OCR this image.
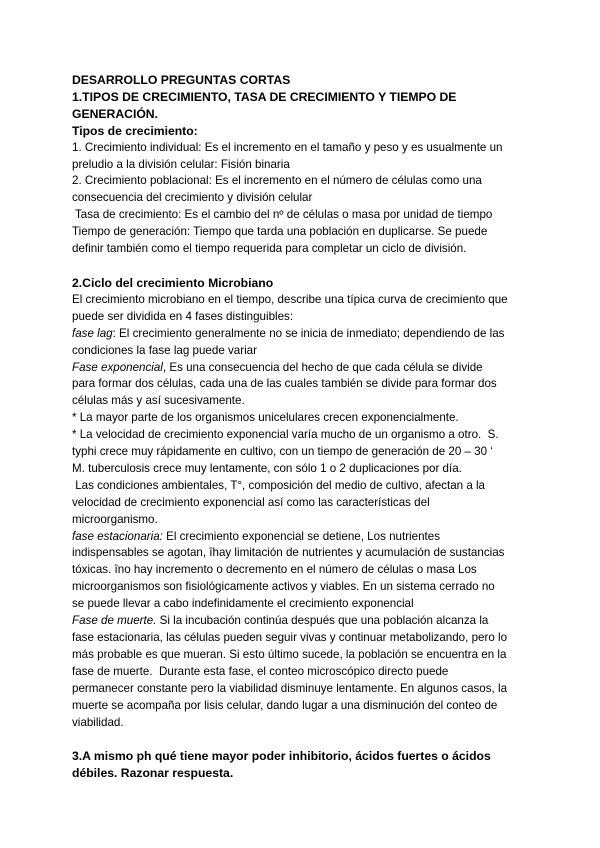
DESARROLLO PREGUNTAS CORTAS
1.TIPOS DE CRECIMIENTO, TASA DE CRECIMIENTO Y TIEMPO DE
GENERACIÓN.
Tipos de crecimiento:
1. Crecimiento individual: Es el incremento en el tamaño y peso y es usualmente un
preludio a la división celular: Fisión binaria
2. Crecimiento poblacional: Es el incremento en el número de células como una
consecuencia del crecimiento y división celular
Tasa de crecimiento: Es el cambio del nº de células o masa por unidad de tiempo
Tiempo de generación: Tiempo que tarda una población en duplicarse. Se puede
definir también como el tiempo requerida para completar un ciclo de división.
2.Ciclo del crecimiento Microbiano
El crecimiento microbiano en el tiempo, describe una típica curva de crecimiento que
puede ser dividida en 4 fases distinguibles:
fase lag: El crecimiento generalmente no se inicia de inmediato; dependiendo de las
condiciones la fase lag puede variar
Fase exponencial, Es una consecuencia del hecho de que cada célula se divide
para formar dos células, cada una de las cuales también se divide para formar dos
células más y así sucesivamente.
* La mayor parte de los organismos unicelulares crecen exponencialmente.
* La velocidad de crecimiento exponencial varía mucho de un organismo a otro.  S.
typhi crece muy rápidamente en cultivo, con un tiempo de generación de 20 – 30 ‘
M. tuberculosis crece muy lentamente, con sólo 1 o 2 duplicaciones por día.
Las condiciones ambientales, T°, composición del medio de cultivo, afectan a la
velocidad de crecimiento exponencial así como las características del
microorganismo.
fase estacionaria: El crecimiento exponencial se detiene, Los nutrientes
indispensables se agotan, îhay limitación de nutrientes y acumulación de sustancias
tóxicas. îno hay incremento o decremento en el número de células o masa Los
microorganismos son fisiológicamente activos y viables. En un sistema cerrado no
se puede llevar a cabo indefinidamente el crecimiento exponencial
Fase de muerte. Si la incubación continúa después que una población alcanza la
fase estacionaria, las células pueden seguir vivas y continuar metabolizando, pero lo
más probable es que mueran. Si esto último sucede, la población se encuentra en la
fase de muerte.  Durante esta fase, el conteo microscópico directo puede
permanecer constante pero la viabilidad disminuye lentamente. En algunos casos, la
muerte se acompaña por lisis celular, dando lugar a una disminución del conteo de
viabilidad.
3.A mismo ph qué tiene mayor poder inhibitorio, ácidos fuertes o ácidos
débiles. Razonar respuesta.
